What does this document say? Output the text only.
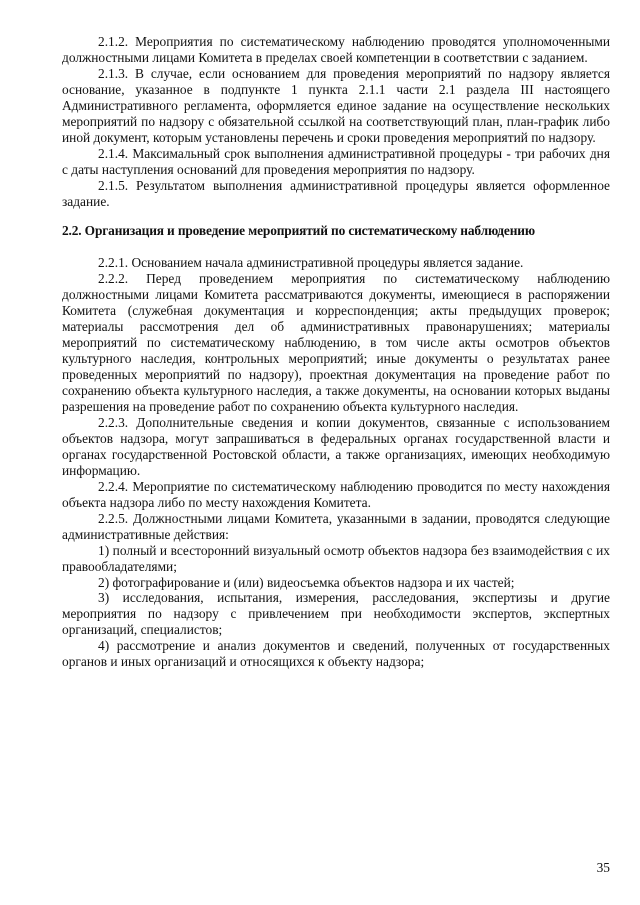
2.1.2. Мероприятия по систематическому наблюдению проводятся уполномоченными должностными лицами Комитета в пределах своей компетенции в соответствии с заданием.

2.1.3. В случае, если основанием для проведения мероприятий по надзору является основание, указанное в подпункте 1 пункта 2.1.1 части 2.1 раздела III настоящего Административного регламента, оформляется единое задание на осуществление нескольких мероприятий по надзору с обязательной ссылкой на соответствующий план, план-график либо иной документ, которым установлены перечень и сроки проведения мероприятий по надзору.

2.1.4. Максимальный срок выполнения административной процедуры - три рабочих дня с даты наступления оснований для проведения мероприятия по надзору.

2.1.5. Результатом выполнения административной процедуры является оформленное задание.

2.2. Организация и проведение мероприятий по систематическому наблюдению

2.2.1. Основанием начала административной процедуры является задание.

2.2.2. Перед проведением мероприятия по систематическому наблюдению должностными лицами Комитета рассматриваются документы, имеющиеся в распоряжении Комитета (служебная документация и корреспонденция; акты предыдущих проверок; материалы рассмотрения дел об административных правонарушениях; материалы мероприятий по систематическому наблюдению, в том числе акты осмотров объектов культурного наследия, контрольных мероприятий; иные документы о результатах ранее проведенных мероприятий по надзору), проектная документация на проведение работ по сохранению объекта культурного наследия, а также документы, на основании которых выданы разрешения на проведение работ по сохранению объекта культурного наследия.

2.2.3. Дополнительные сведения и копии документов, связанные с использованием объектов надзора, могут запрашиваться в федеральных органах государственной власти и органах государственной Ростовской области, а также организациях, имеющих необходимую информацию.

2.2.4. Мероприятие по систематическому наблюдению проводится по месту нахождения объекта надзора либо по месту нахождения Комитета.

2.2.5. Должностными лицами Комитета, указанными в задании, проводятся следующие административные действия:

1) полный и всесторонний визуальный осмотр объектов надзора без взаимодействия с их правообладателями;

2) фотографирование и (или) видеосъемка объектов надзора и их частей;

3) исследования, испытания, измерения, расследования, экспертизы и другие мероприятия по надзору с привлечением при необходимости экспертов, экспертных организаций, специалистов;

4) рассмотрение и анализ документов и сведений, полученных от государственных органов и иных организаций и относящихся к объекту надзора;

35
